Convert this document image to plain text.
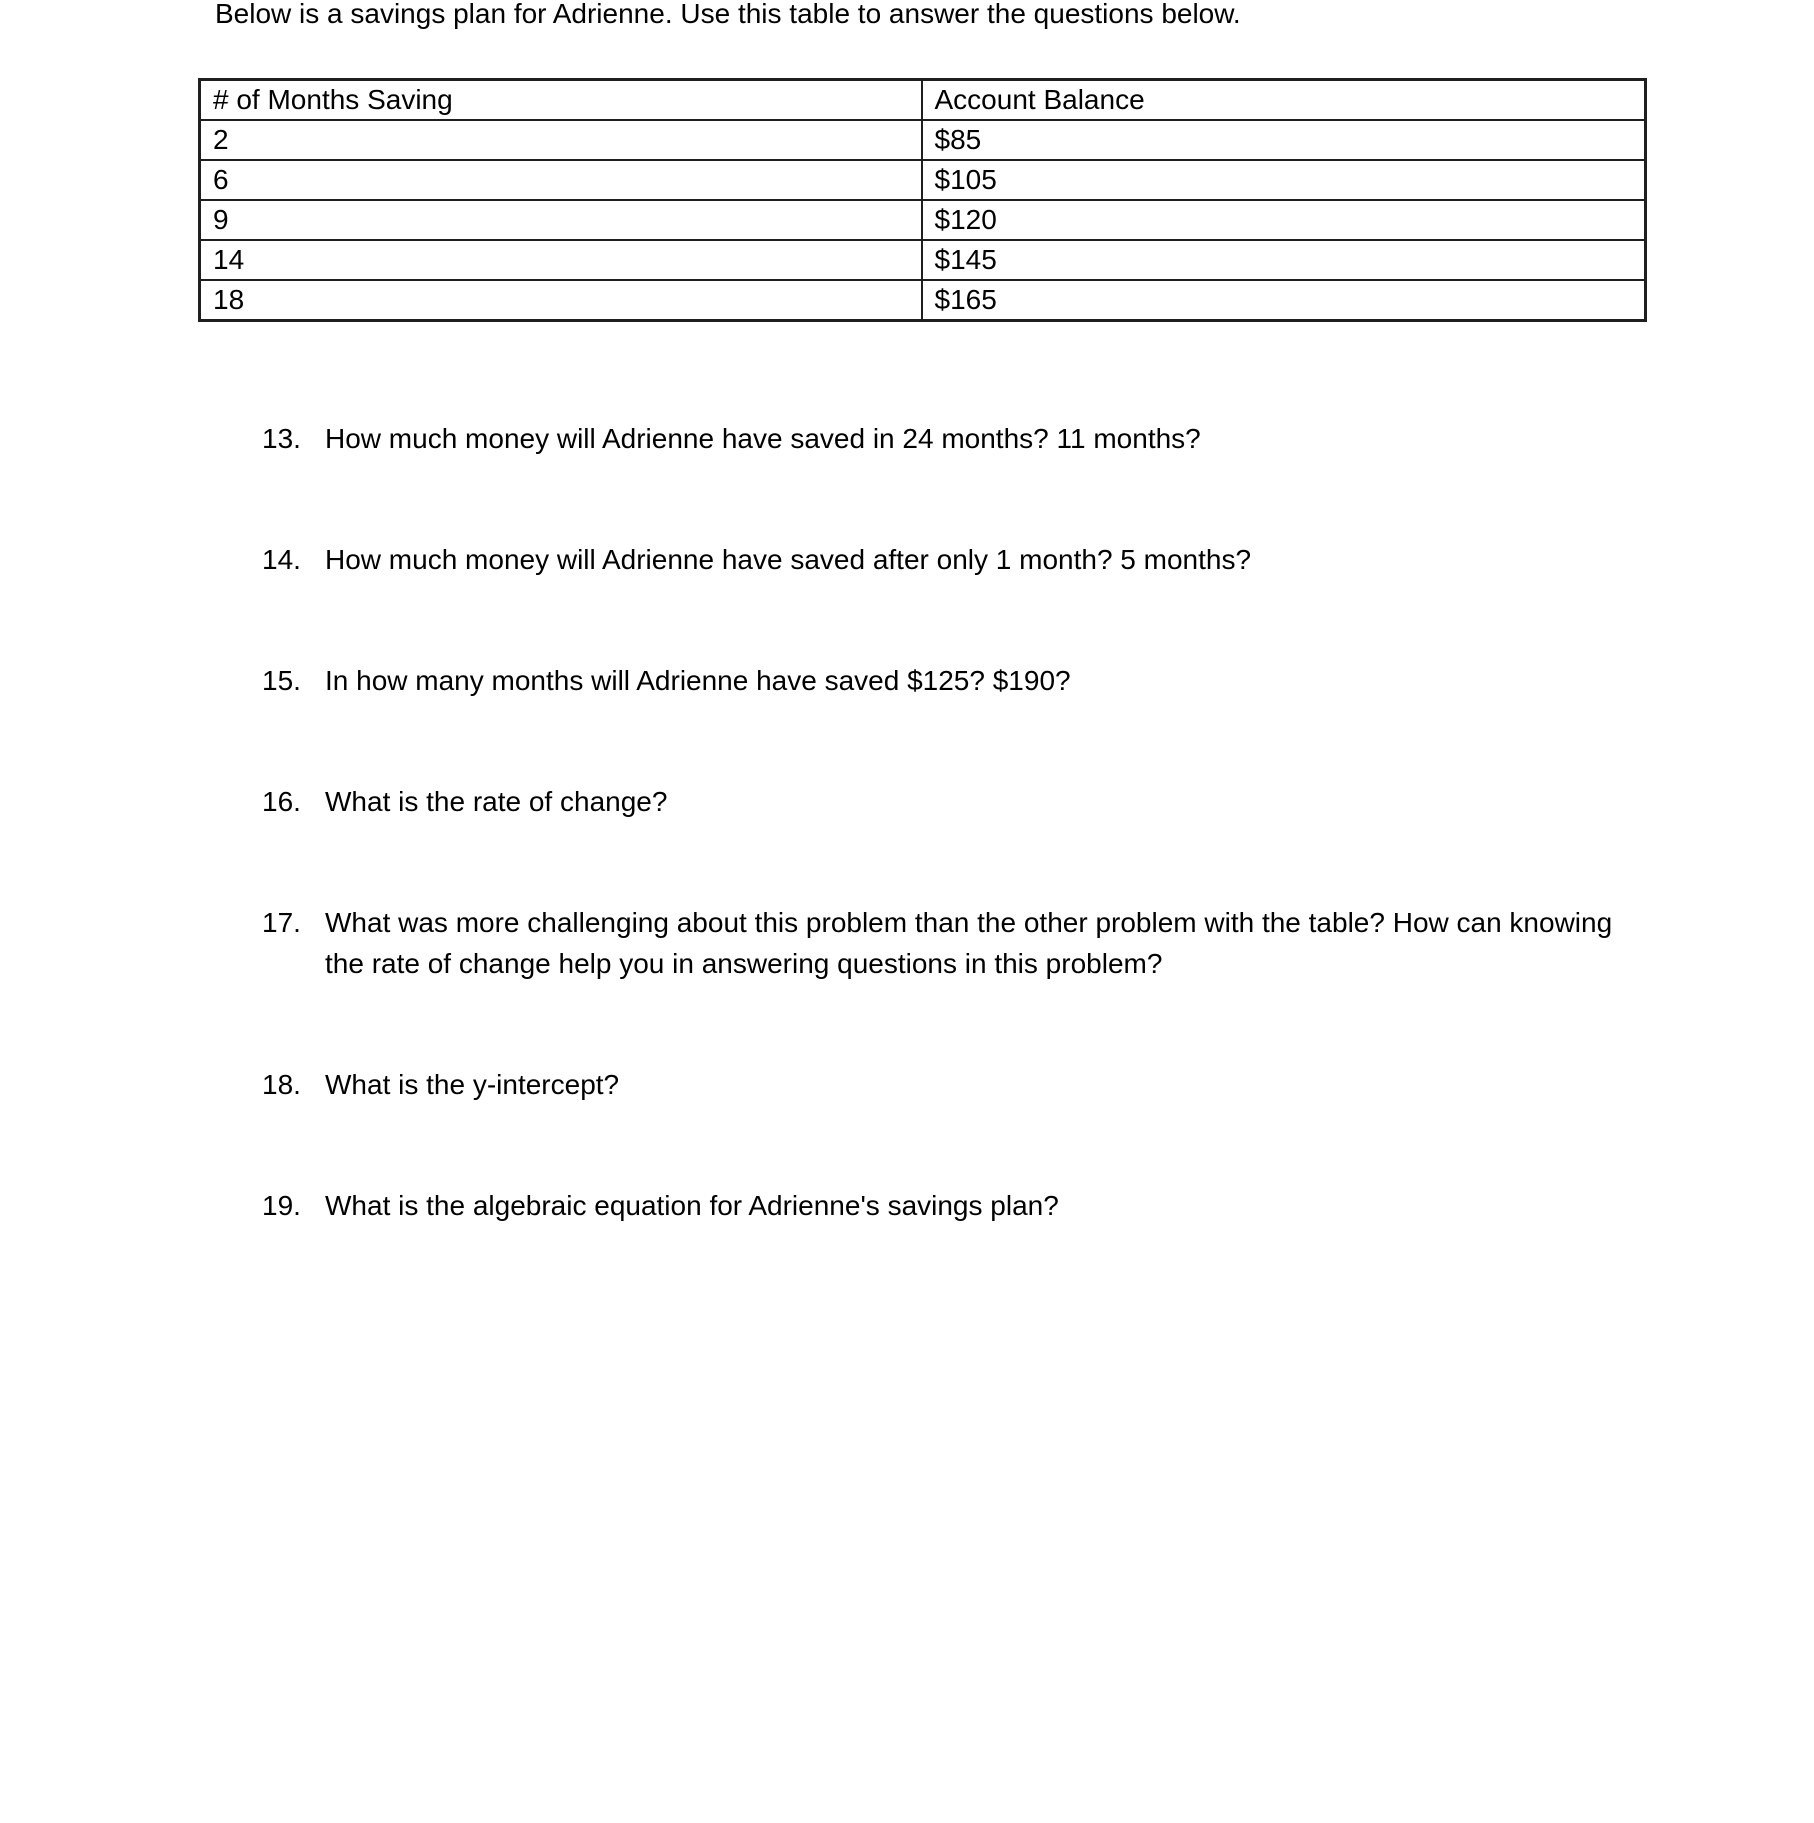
Below is a savings plan for Adrienne. Use this table to answer the questions below.

# of Months Saving	Account Balance
2	$85
6	$105
9	$120
14	$145
18	$165
13. How much money will Adrienne have saved in 24 months? 11 months?
14. How much money will Adrienne have saved after only 1 month? 5 months?
15. In how many months will Adrienne have saved $125? $190?
16. What is the rate of change?
17. What was more challenging about this problem than the other problem with the table? How can knowing the rate of change help you in answering questions in this problem?
18. What is the y-intercept?
19. What is the algebraic equation for Adrienne's savings plan?
